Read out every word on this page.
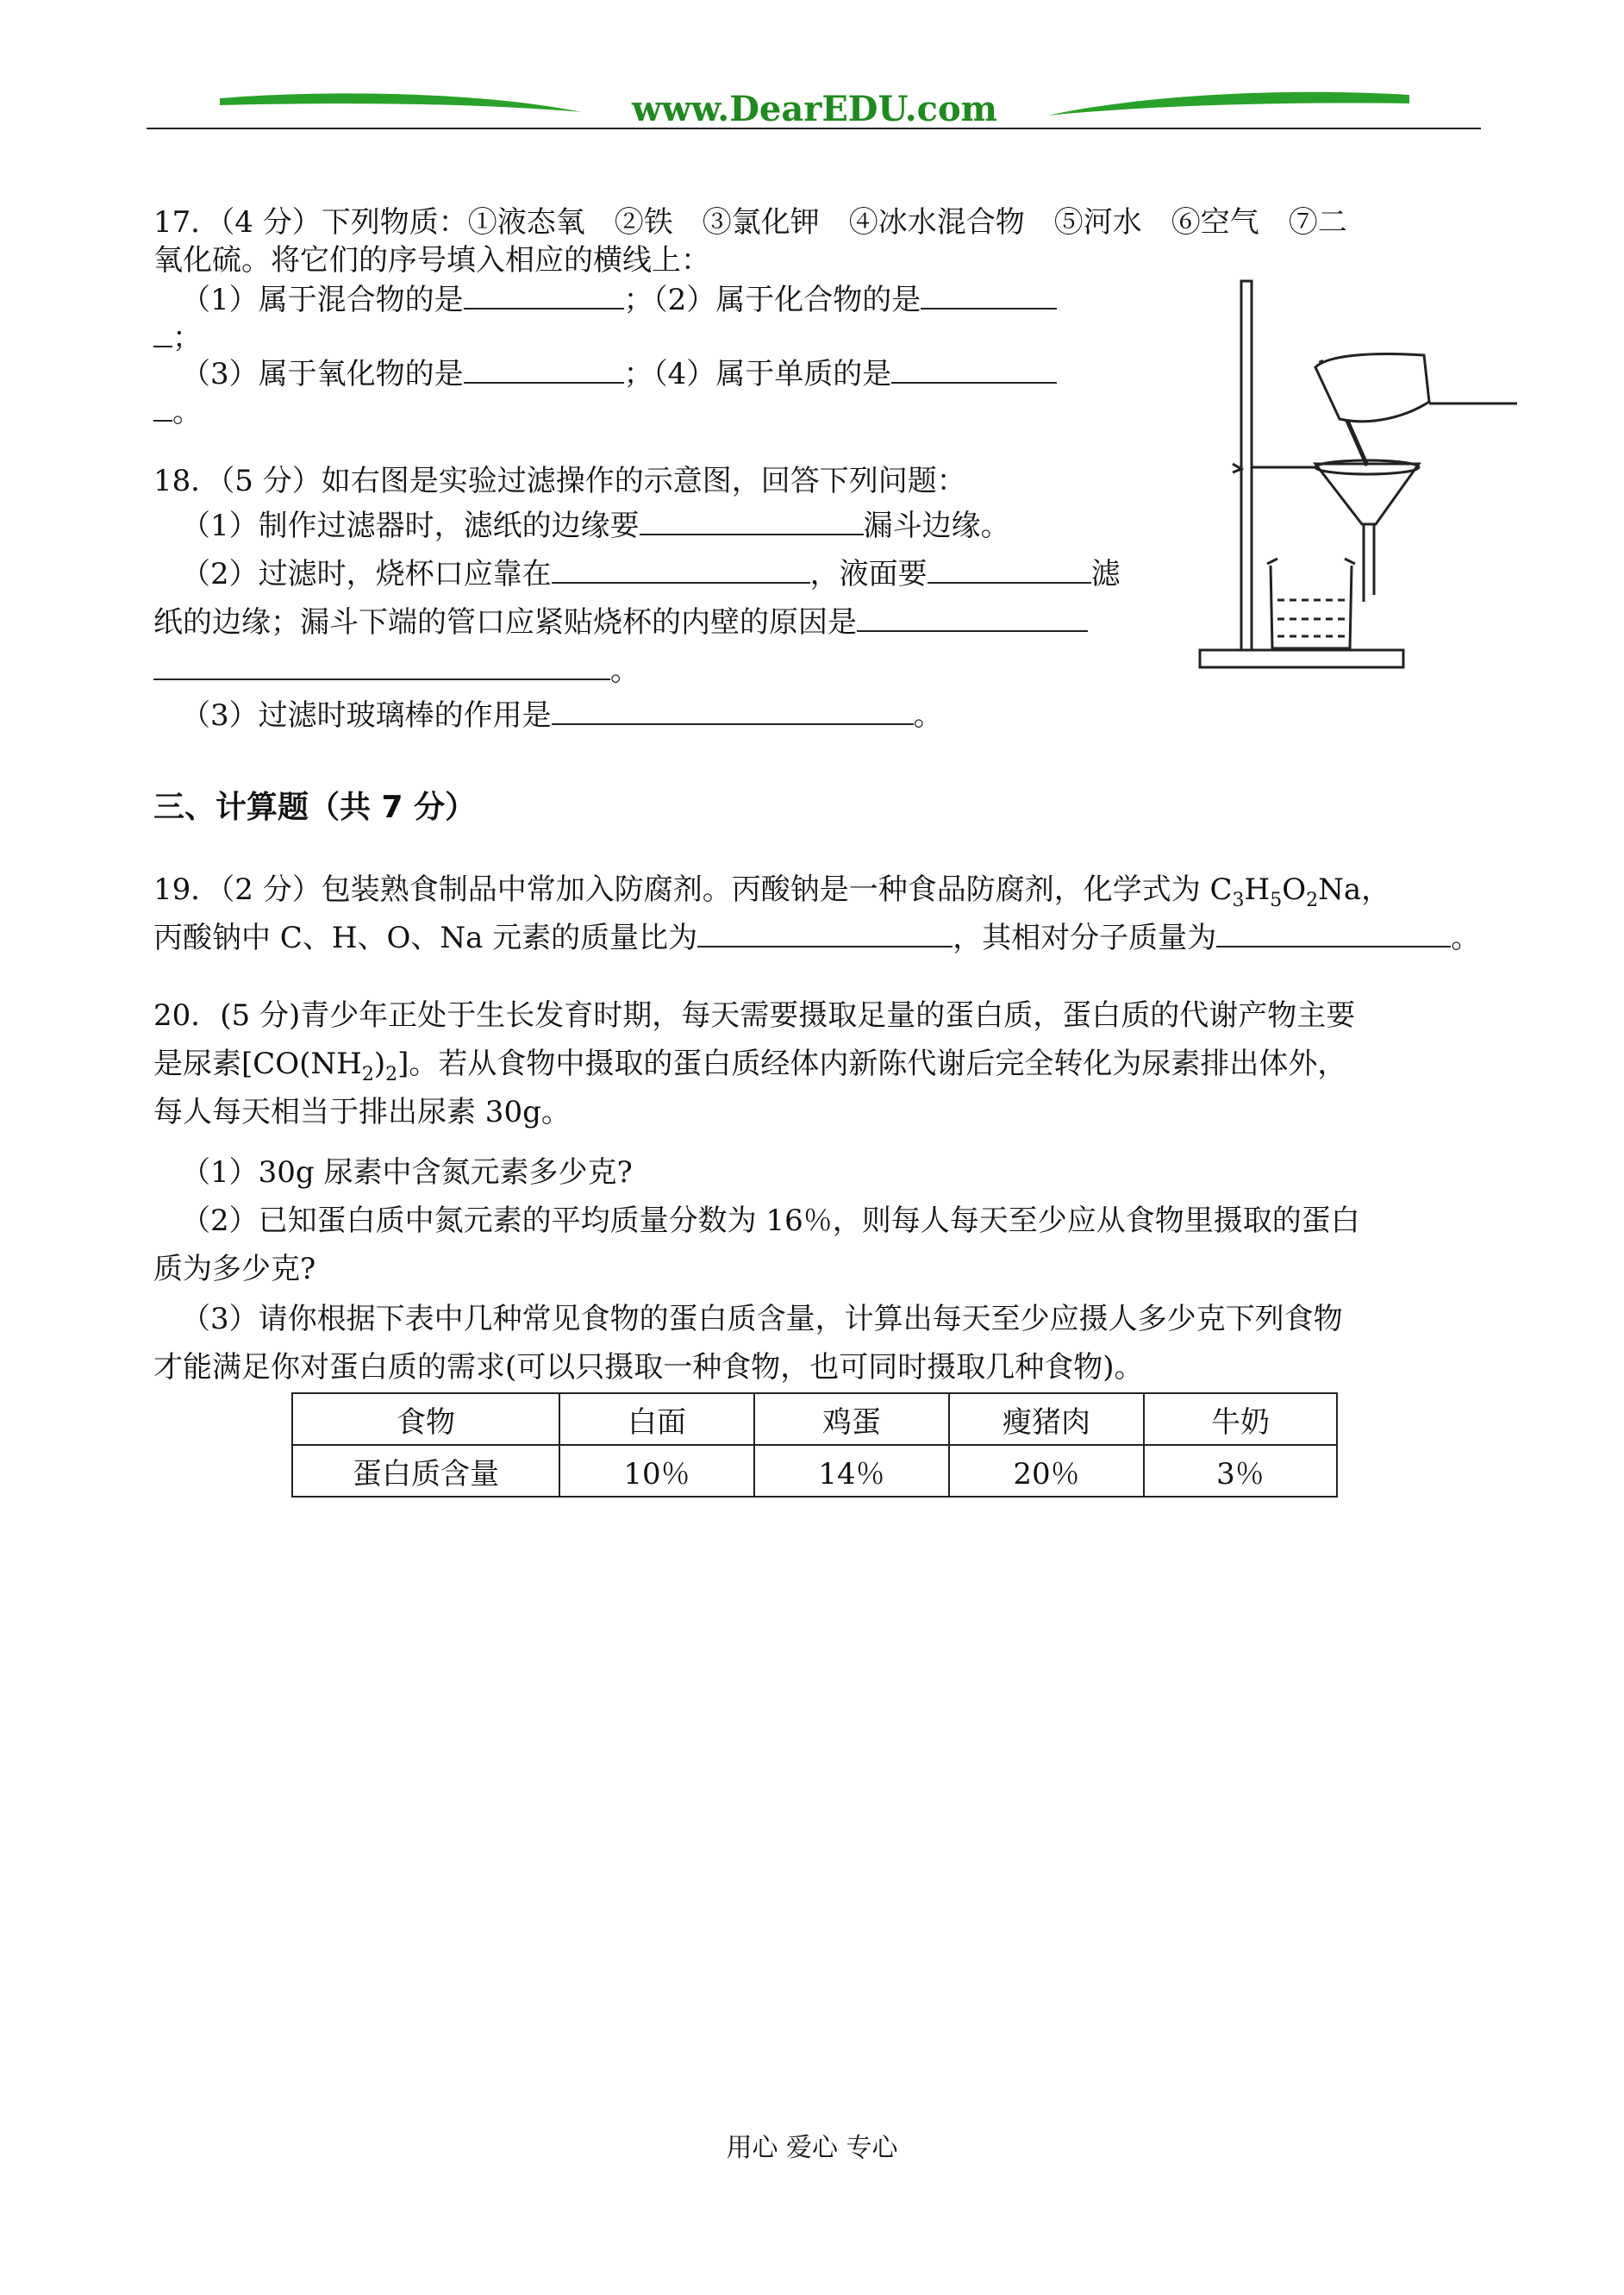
www.DearEDU.com
17．（4 分）下列物质：①液态氧　②铁　③氯化钾　④冰水混合物　⑤河水　⑥空气　⑦二
氧化硫。将它们的序号填入相应的横线上：
（1）属于混合物的是	；（2）属于化合物的是
；
（3）属于氧化物的是	；（4）属于单质的是
。
18．（5 分）如右图是实验过滤操作的示意图，回答下列问题：
（1）制作过滤器时，滤纸的边缘要	漏斗边缘。
（2）过滤时，烧杯口应靠在	，液面要	滤
纸的边缘；漏斗下端的管口应紧贴烧杯的内壁的原因是
。
（3）过滤时玻璃棒的作用是	。
三、计算题（共 7 分）
19．（2 分）包装熟食制品中常加入防腐剂。丙酸钠是一种食品防腐剂，化学式为 $C_3H_5O_2Na$，
丙酸钠中 C、H、O、Na 元素的质量比为	，其相对分子质量为	。
20．(5 分)青少年正处于生长发育时期，每天需要摄取足量的蛋白质，蛋白质的代谢产物主要
是尿素$[CO(NH_2)_2]$。若从食物中摄取的蛋白质经体内新陈代谢后完全转化为尿素排出体外，
每人每天相当于排出尿素 30g。
（1）30g 尿素中含氮元素多少克?
（2）已知蛋白质中氮元素的平均质量分数为 16％，则每人每天至少应从食物里摄取的蛋白
质为多少克?
（3）请你根据下表中几种常见食物的蛋白质含量，计算出每天至少应摄人多少克下列食物
才能满足你对蛋白质的需求(可以只摄取一种食物，也可同时摄取几种食物)。
食物	白面	鸡蛋	瘦猪肉	牛奶
蛋白质含量	10％	14％	20％	3％
用心 爱心 专心
